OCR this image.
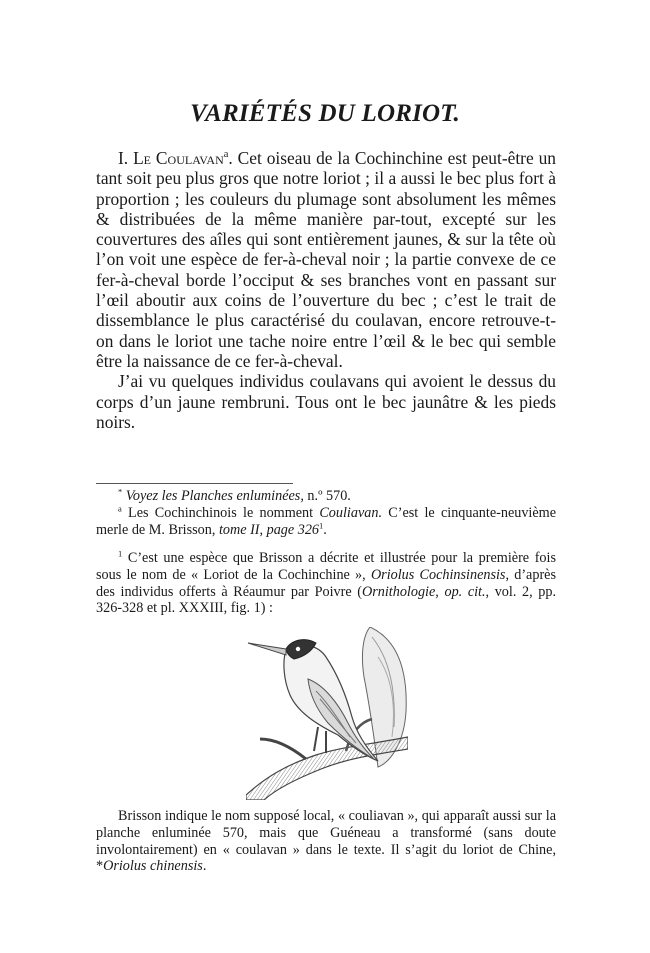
VARIÉTÉS DU LORIOT.

I. Le Coulavan$^a$. Cet oiseau de la Cochinchine est peut-être un tant soit peu plus gros que notre loriot ; il a aussi le bec plus fort à proportion ; les couleurs du plumage sont absolument les mêmes & distribuées de la même manière par-tout, excepté sur les couvertures des aîles qui sont entièrement jaunes, & sur la tête où l’on voit une espèce de fer-à-cheval noir ; la partie convexe de ce fer-à-cheval borde l’occiput & ses branches vont en passant sur l’œil aboutir aux coins de l’ouverture du bec ; c’est le trait de dissemblance le plus caractérisé du coulavan, encore retrouve-t-on dans le loriot une tache noire entre l’œil & le bec qui semble être la naissance de ce fer-à-cheval.

J’ai vu quelques individus coulavans qui avoient le dessus du corps d’un jaune rembruni. Tous ont le bec jaunâtre & les pieds noirs.

* Voyez les Planches enluminées, n.º 570.

$^a$ Les Cochinchinois le nomment Couliavan. C’est le cinquante-neuvième merle de M. Brisson, tome II, page $326^1$.

$^1$ C’est une espèce que Brisson a décrite et illustrée pour la première fois sous le nom de « Loriot de la Cochinchine », Oriolus Cochinsinensis, d’après des individus offerts à Réaumur par Poivre (Ornithologie, op. cit., vol. 2, pp. 326-328 et pl. XXXIII, fig. 1) :

Brisson indique le nom supposé local, « couliavan », qui apparaît aussi sur la planche enluminée 570, mais que Guéneau a transformé (sans doute involontairement) en « coulavan » dans le texte. Il s’agit du loriot de Chine, *Oriolus chinensis.
